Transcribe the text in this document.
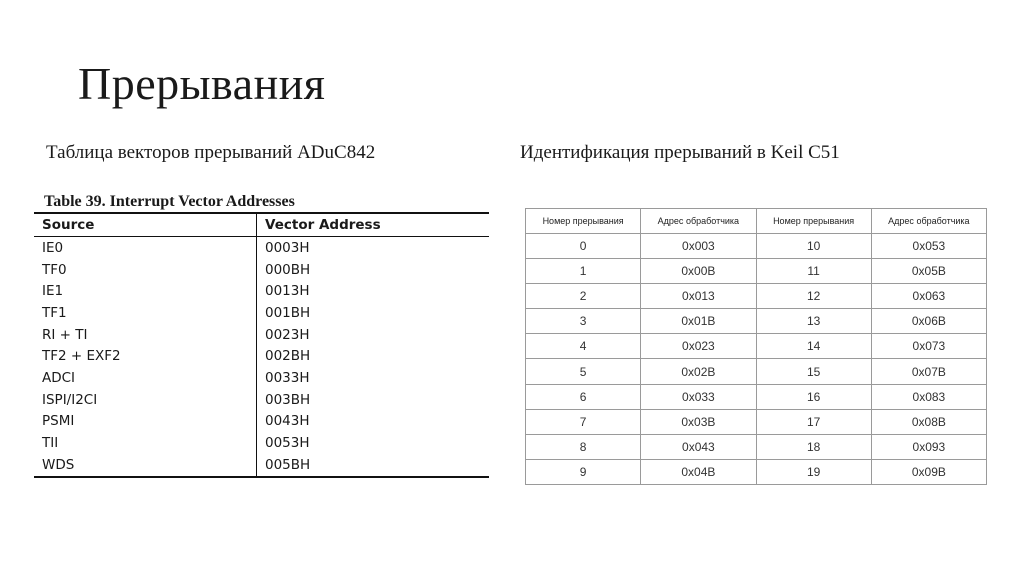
Прерывания
Таблица векторов прерываний ADuC842	Идентификация прерываний в Keil C51
Table 39. Interrupt Vector Addresses
Source	Vector Address
IE0	0003H
TF0	000BH
IE1	0013H
TF1	001BH
RI + TI	0023H
TF2 + EXF2	002BH
ADCI	0033H
ISPI/I2CI	003BH
PSMI	0043H
TII	0053H
WDS	005BH
Номер прерывания	Адрес обработчика	Номер прерывания	Адрес обработчика
0	0x003	10	0x053
1	0x00B	11	0x05B
2	0x013	12	0x063
3	0x01B	13	0x06B
4	0x023	14	0x073
5	0x02B	15	0x07B
6	0x033	16	0x083
7	0x03B	17	0x08B
8	0x043	18	0x093
9	0x04B	19	0x09B
